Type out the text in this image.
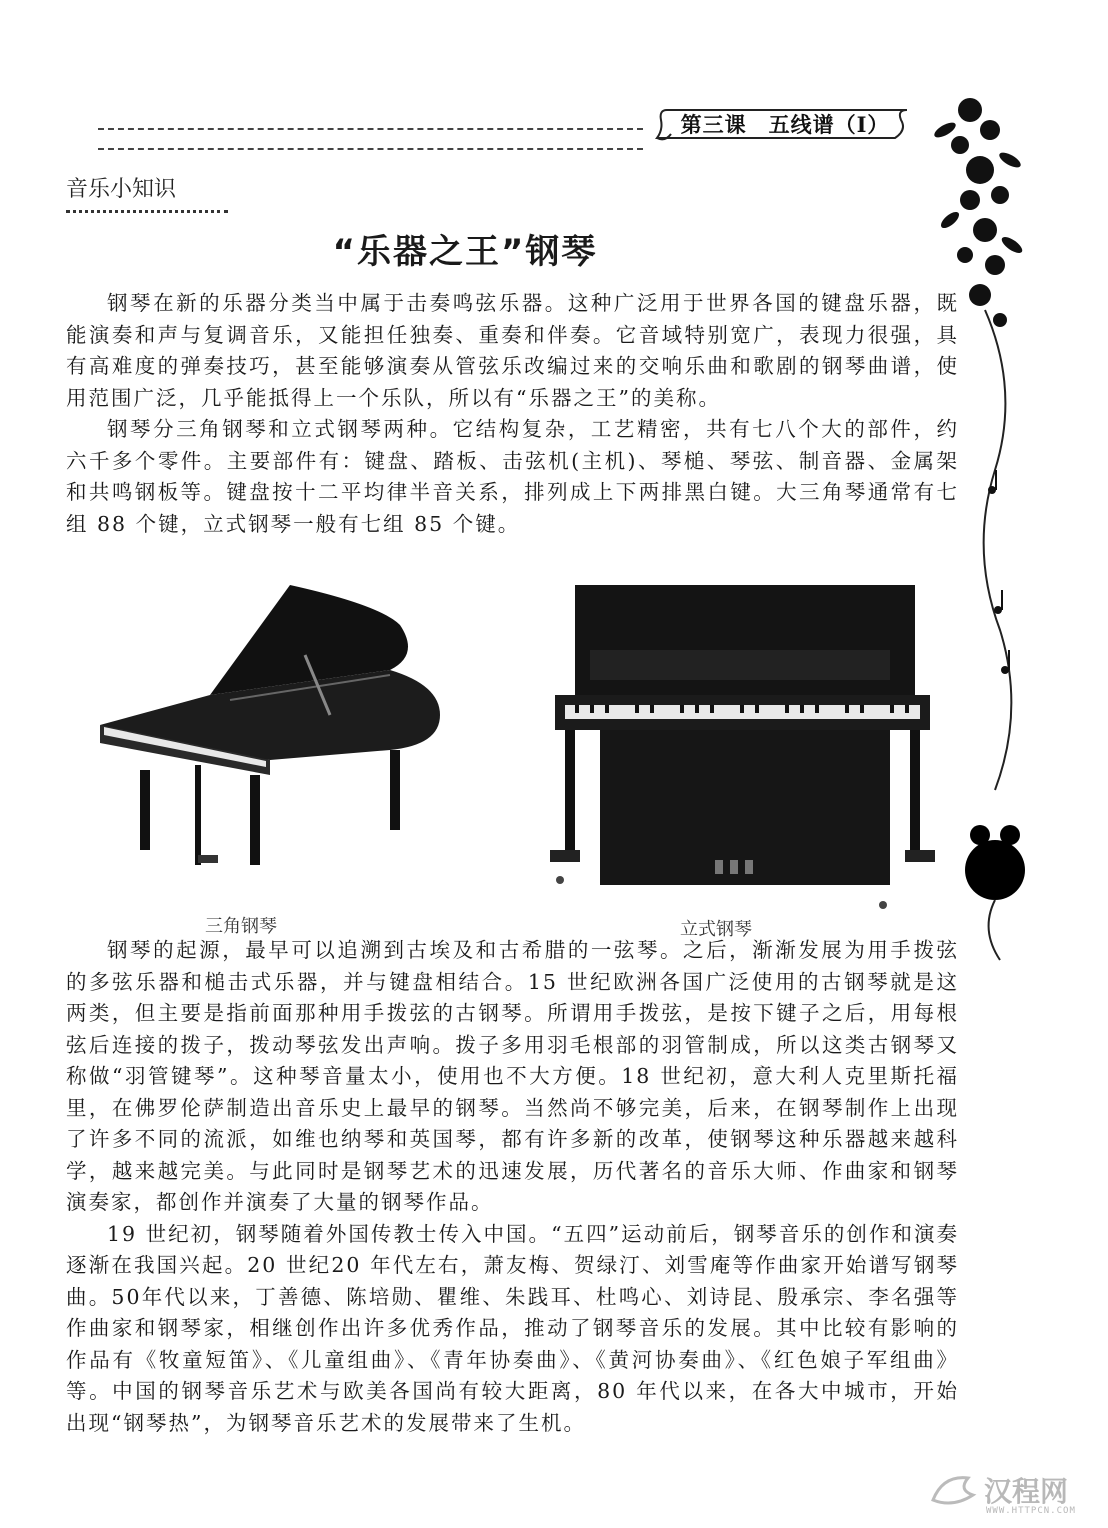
第三课　五线谱（Ⅰ）
音乐小知识
“乐器之王”钢琴

钢琴在新的乐器分类当中属于击奏鸣弦乐器。这种广泛用于世界各国的键盘乐器，既能演奏和声与复调音乐，又能担任独奏、重奏和伴奏。它音域特别宽广，表现力很强，具有高难度的弹奏技巧，甚至能够演奏从管弦乐改编过来的交响乐曲和歌剧的钢琴曲谱，使用范围广泛，几乎能抵得上一个乐队，所以有“乐器之王”的美称。

钢琴分三角钢琴和立式钢琴两种。它结构复杂，工艺精密，共有七八个大的部件，约六千多个零件。主要部件有：键盘、踏板、击弦机(主机)、琴槌、琴弦、制音器、金属架和共鸣钢板等。键盘按十二平均律半音关系，排列成上下两排黑白键。大三角琴通常有七组 88 个键，立式钢琴一般有七组 85 个键。

三角钢琴	立式钢琴

钢琴的起源，最早可以追溯到古埃及和古希腊的一弦琴。之后，渐渐发展为用手拨弦的多弦乐器和槌击式乐器，并与键盘相结合。15 世纪欧洲各国广泛使用的古钢琴就是这两类，但主要是指前面那种用手拨弦的古钢琴。所谓用手拨弦，是按下键子之后，用每根弦后连接的拨子，拨动琴弦发出声响。拨子多用羽毛根部的羽管制成，所以这类古钢琴又称做“羽管键琴”。这种琴音量太小，使用也不大方便。18 世纪初，意大利人克里斯托福里，在佛罗伦萨制造出音乐史上最早的钢琴。当然尚不够完美，后来，在钢琴制作上出现了许多不同的流派，如维也纳琴和英国琴，都有许多新的改革，使钢琴这种乐器越来越科学，越来越完美。与此同时是钢琴艺术的迅速发展，历代著名的音乐大师、作曲家和钢琴演奏家，都创作并演奏了大量的钢琴作品。

19 世纪初，钢琴随着外国传教士传入中国。“五四”运动前后，钢琴音乐的创作和演奏逐渐在我国兴起。20 世纪20 年代左右，萧友梅、贺绿汀、刘雪庵等作曲家开始谱写钢琴曲。50年代以来，丁善德、陈培勋、瞿维、朱践耳、杜鸣心、刘诗昆、殷承宗、李名强等作曲家和钢琴家，相继创作出许多优秀作品，推动了钢琴音乐的发展。其中比较有影响的作品有《牧童短笛》、《儿童组曲》、《青年协奏曲》、《黄河协奏曲》、《红色娘子军组曲》等。中国的钢琴音乐艺术与欧美各国尚有较大距离，80 年代以来，在各大中城市，开始出现“钢琴热”，为钢琴音乐艺术的发展带来了生机。

汉程网
WWW.HTTPCN.COM
